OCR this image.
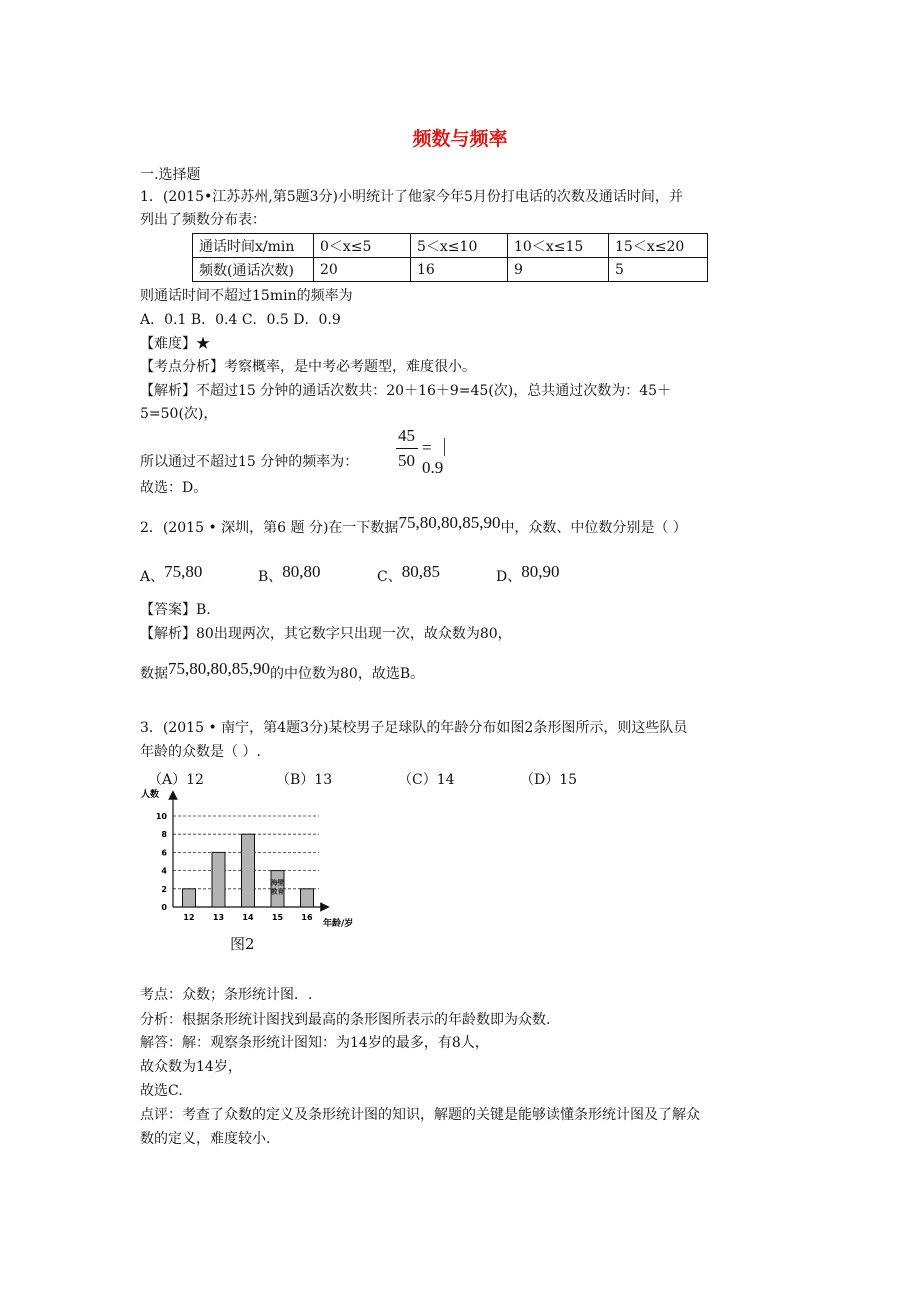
频数与频率
一.选择题
1．(2015•江苏苏州,第5题3分)小明统计了他家今年5月份打电话的次数及通话时间，并
列出了频数分布表：
通话时间x/min	0＜x≤5	5＜x≤10	10＜x≤15	15＜x≤20
频数(通话次数)	20	16	9	5
则通话时间不超过15min的频率为
A．0.1 B．0.4 C．0.5 D．0.9
【难度】★
【考点分析】考察概率，是中考必考题型，难度很小。
【解析】不超过15 分钟的通话次数共：20＋16＋9=45(次)，总共通过次数为：45＋
5=50(次)，
45
50
= 0.9
所以通过不超过15 分钟的频率为：
故选：D。
2．(2015 • 深圳，第6 题 分)在一下数据75,80,80,85,90中，众数、中位数分别是（ ）
A、75,80	B、80,80	C、80,85	D、80,90
【答案】B.
【解析】80出现两次，其它数字只出现一次，故众数为80，
数据75,80,80,85,90的中位数为80，故选B。
3．(2015 • 南宁，第4题3分)某校男子足球队的年龄分布如图2条形图所示，则这些队员
年龄的众数是（ ）.
（A）12	（B）13	（C）14	（D）15
人数
海壁
教育
0
2
4
6
8
10
12 13 14 15 16
年龄/岁
图2
考点：众数；条形统计图．.
分析：根据条形统计图找到最高的条形图所表示的年龄数即为众数.
解答：解：观察条形统计图知：为14岁的最多，有8人，
故众数为14岁，
故选C.
点评：考查了众数的定义及条形统计图的知识，解题的关键是能够读懂条形统计图及了解众
数的定义，难度较小.
